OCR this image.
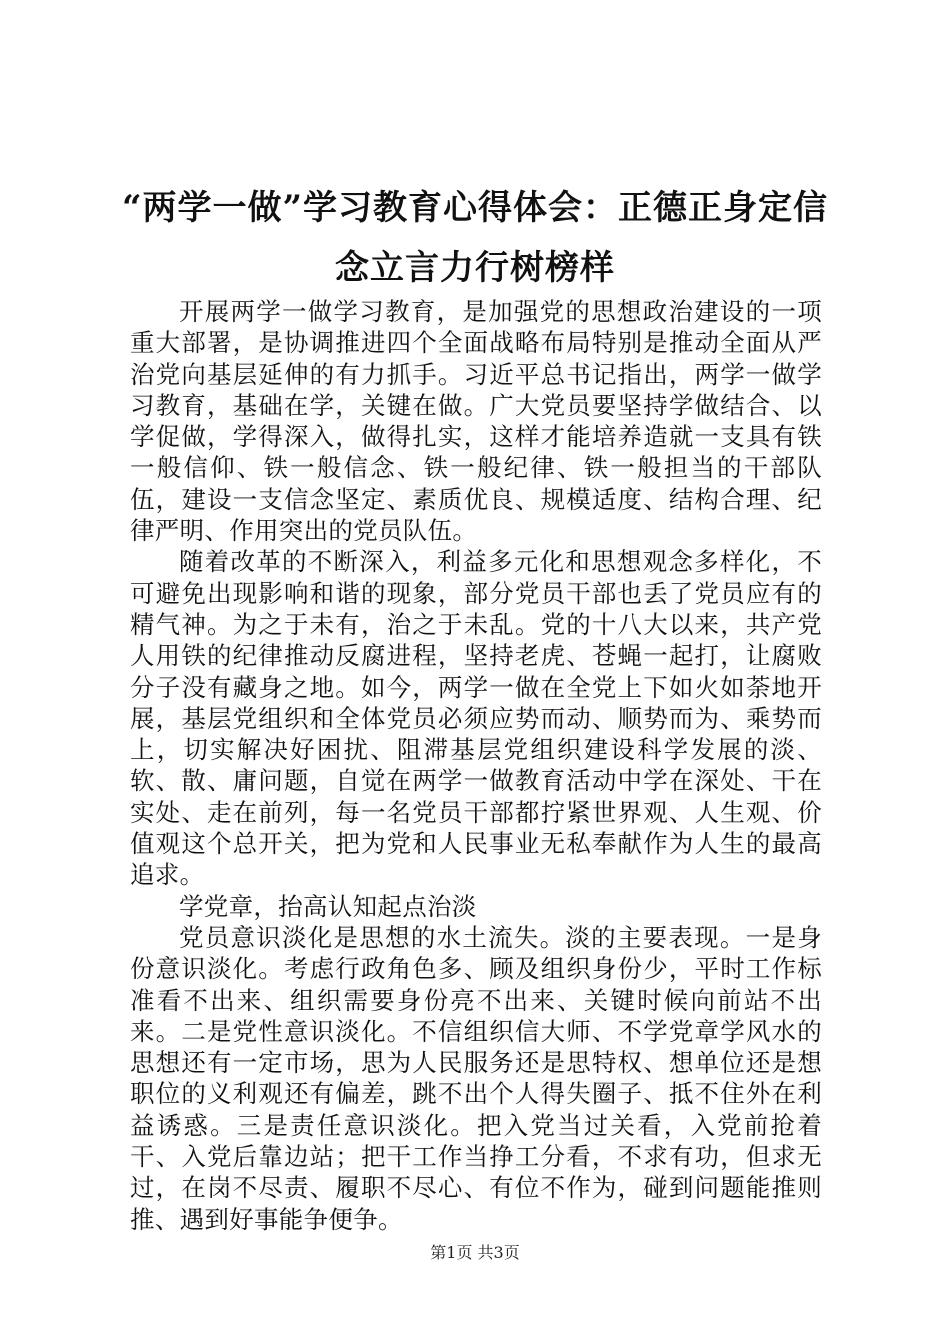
“两学一做”学习教育心得体会：正德正身定信念立言力行树榜样

开展两学一做学习教育，是加强党的思想政治建设的一项重大部署，是协调推进四个全面战略布局特别是推动全面从严治党向基层延伸的有力抓手。习近平总书记指出，两学一做学习教育，基础在学，关键在做。广大党员要坚持学做结合、以学促做，学得深入，做得扎实，这样才能培养造就一支具有铁一般信仰、铁一般信念、铁一般纪律、铁一般担当的干部队伍，建设一支信念坚定、素质优良、规模适度、结构合理、纪律严明、作用突出的党员队伍。

随着改革的不断深入，利益多元化和思想观念多样化，不可避免出现影响和谐的现象，部分党员干部也丢了党员应有的精气神。为之于未有，治之于未乱。党的十八大以来，共产党人用铁的纪律推动反腐进程，坚持老虎、苍蝇一起打，让腐败分子没有藏身之地。如今，两学一做在全党上下如火如荼地开展，基层党组织和全体党员必须应势而动、顺势而为、乘势而上，切实解决好困扰、阻滞基层党组织建设科学发展的淡、软、散、庸问题，自觉在两学一做教育活动中学在深处、干在实处、走在前列，每一名党员干部都拧紧世界观、人生观、价值观这个总开关，把为党和人民事业无私奉献作为人生的最高追求。

学党章，抬高认知起点治淡

党员意识淡化是思想的水土流失。淡的主要表现。一是身份意识淡化。考虑行政角色多、顾及组织身份少，平时工作标准看不出来、组织需要身份亮不出来、关键时候向前站不出来。二是党性意识淡化。不信组织信大师、不学党章学风水的思想还有一定市场，思为人民服务还是思特权、想单位还是想职位的义利观还有偏差，跳不出个人得失圈子、抵不住外在利益诱惑。三是责任意识淡化。把入党当过关看，入党前抢着干、入党后靠边站；把干工作当挣工分看，不求有功，但求无过，在岗不尽责、履职不尽心、有位不作为，碰到问题能推则推、遇到好事能争便争。

第1页 共3页
